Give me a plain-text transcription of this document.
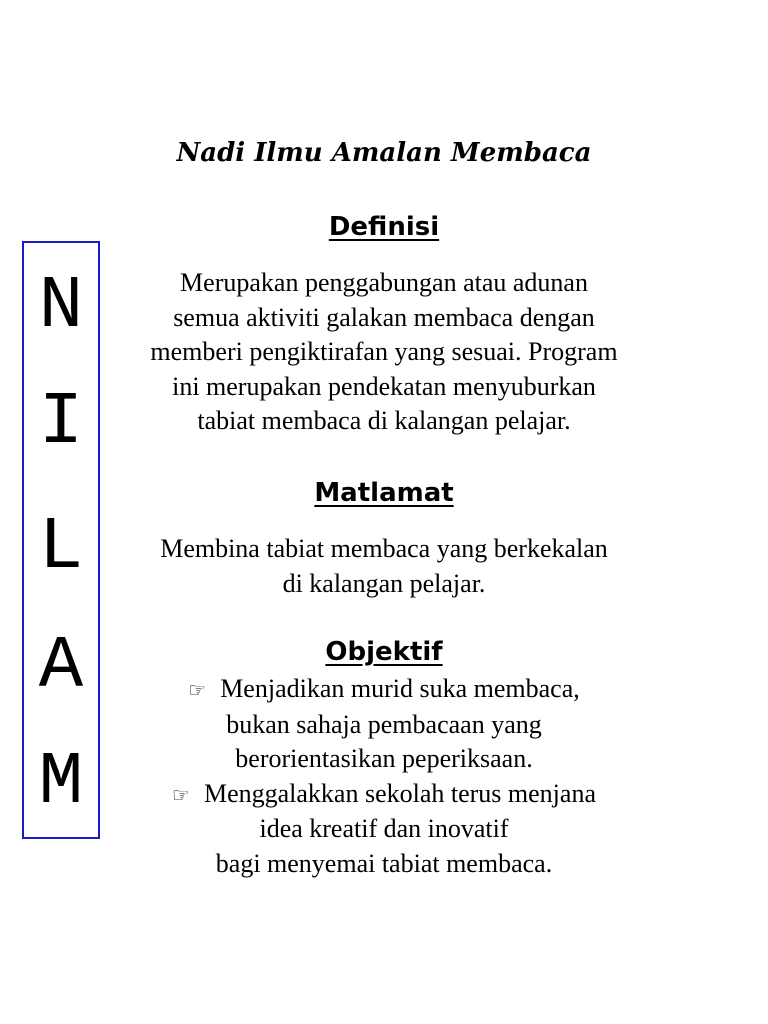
Nadi Ilmu Amalan Membaca
N
I
L
A
M
Definisi
Merupakan penggabungan atau adunan
semua aktiviti galakan membaca dengan
memberi pengiktirafan yang sesuai. Program
ini merupakan pendekatan menyuburkan
tabiat membaca di kalangan pelajar.
Matlamat
Membina tabiat membaca yang berkekalan
di kalangan pelajar.
Objektif
☞ Menjadikan murid suka membaca,
bukan sahaja pembacaan yang
berorientasikan peperiksaan.
☞ Menggalakkan sekolah terus menjana
idea kreatif dan inovatif
bagi menyemai tabiat membaca.
